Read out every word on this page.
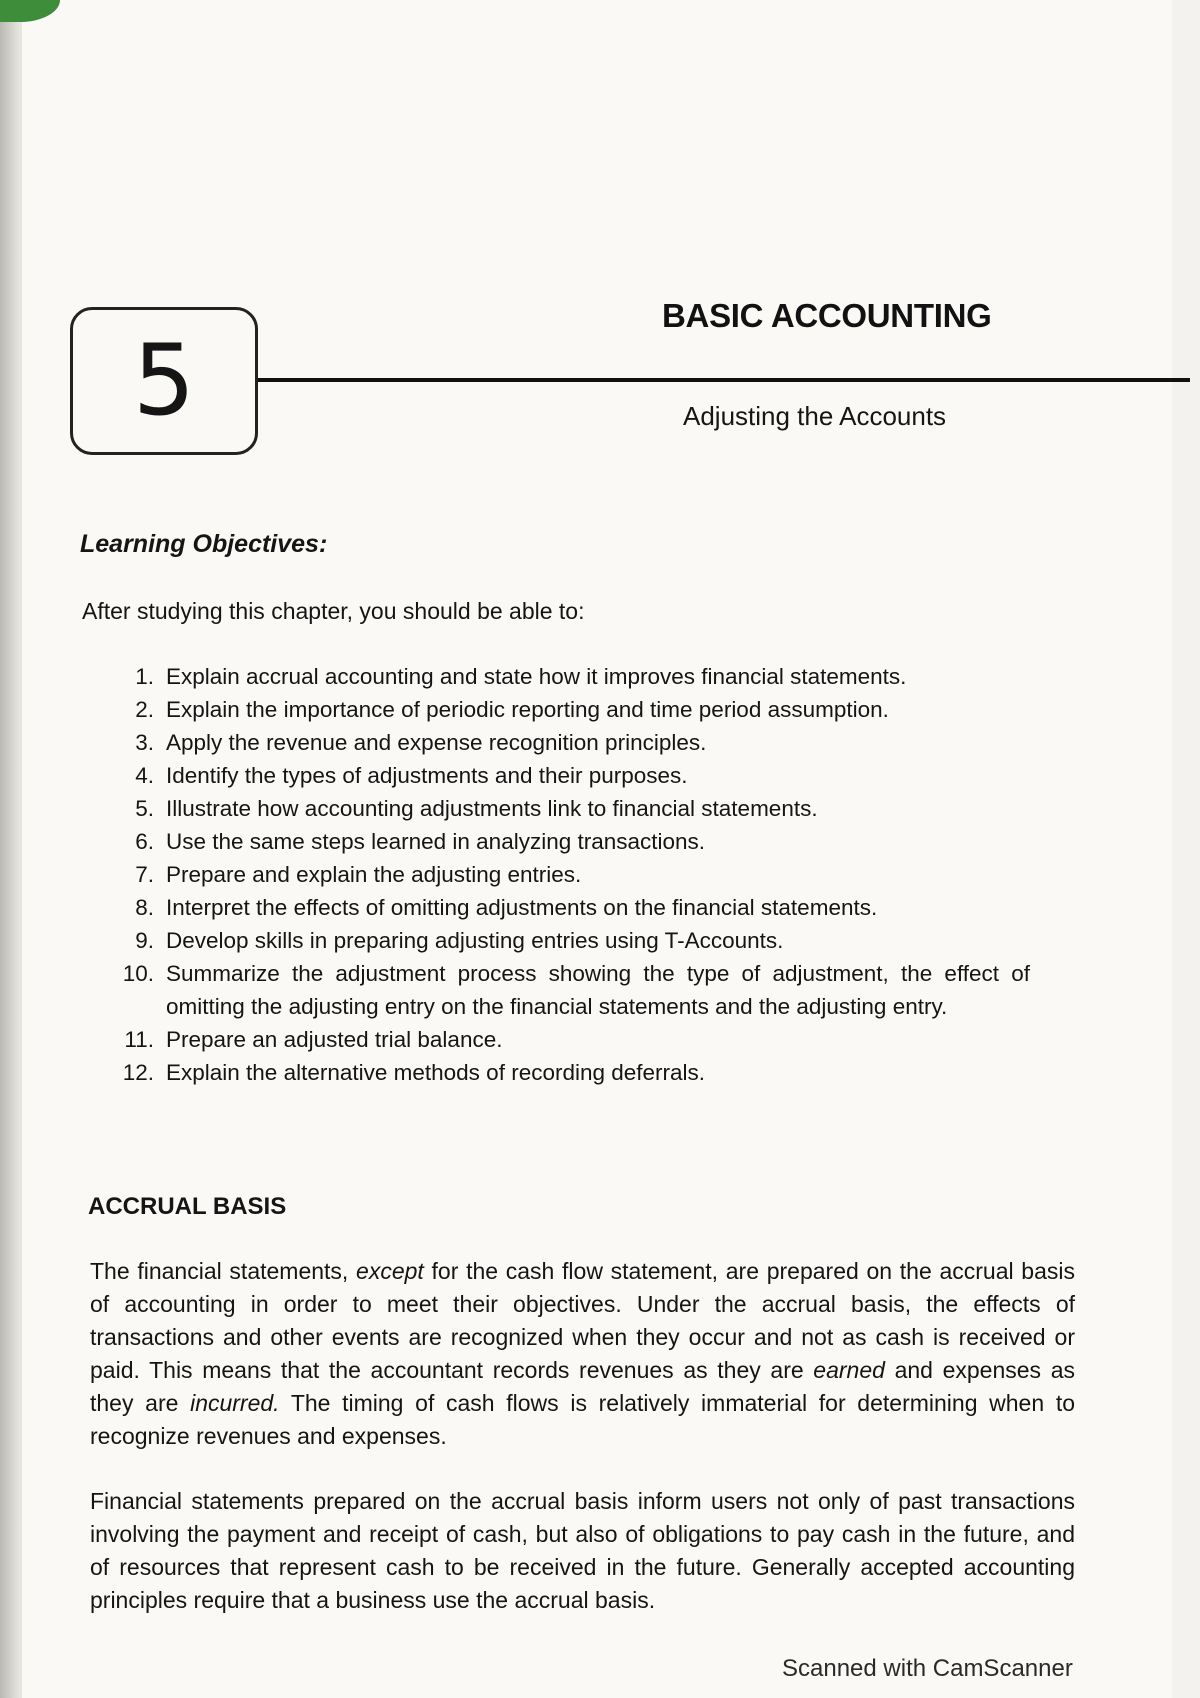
5
BASIC ACCOUNTING
Adjusting the Accounts
Learning Objectives:
After studying this chapter, you should be able to:
1. Explain accrual accounting and state how it improves financial statements.
2. Explain the importance of periodic reporting and time period assumption.
3. Apply the revenue and expense recognition principles.
4. Identify the types of adjustments and their purposes.
5. Illustrate how accounting adjustments link to financial statements.
6. Use the same steps learned in analyzing transactions.
7. Prepare and explain the adjusting entries.
8. Interpret the effects of omitting adjustments on the financial statements.
9. Develop skills in preparing adjusting entries using T-Accounts.
10. Summarize the adjustment process showing the type of adjustment, the effect of omitting the adjusting entry on the financial statements and the adjusting entry.
11. Prepare an adjusted trial balance.
12. Explain the alternative methods of recording deferrals.
ACCRUAL BASIS

The financial statements, except for the cash flow statement, are prepared on the accrual basis of accounting in order to meet their objectives. Under the accrual basis, the effects of transactions and other events are recognized when they occur and not as cash is received or paid. This means that the accountant records revenues as they are earned and expenses as they are incurred. The timing of cash flows is relatively immaterial for determining when to recognize revenues and expenses.

Financial statements prepared on the accrual basis inform users not only of past transactions involving the payment and receipt of cash, but also of obligations to pay cash in the future, and of resources that represent cash to be received in the future. Generally accepted accounting principles require that a business use the accrual basis.

Scanned with CamScanner
